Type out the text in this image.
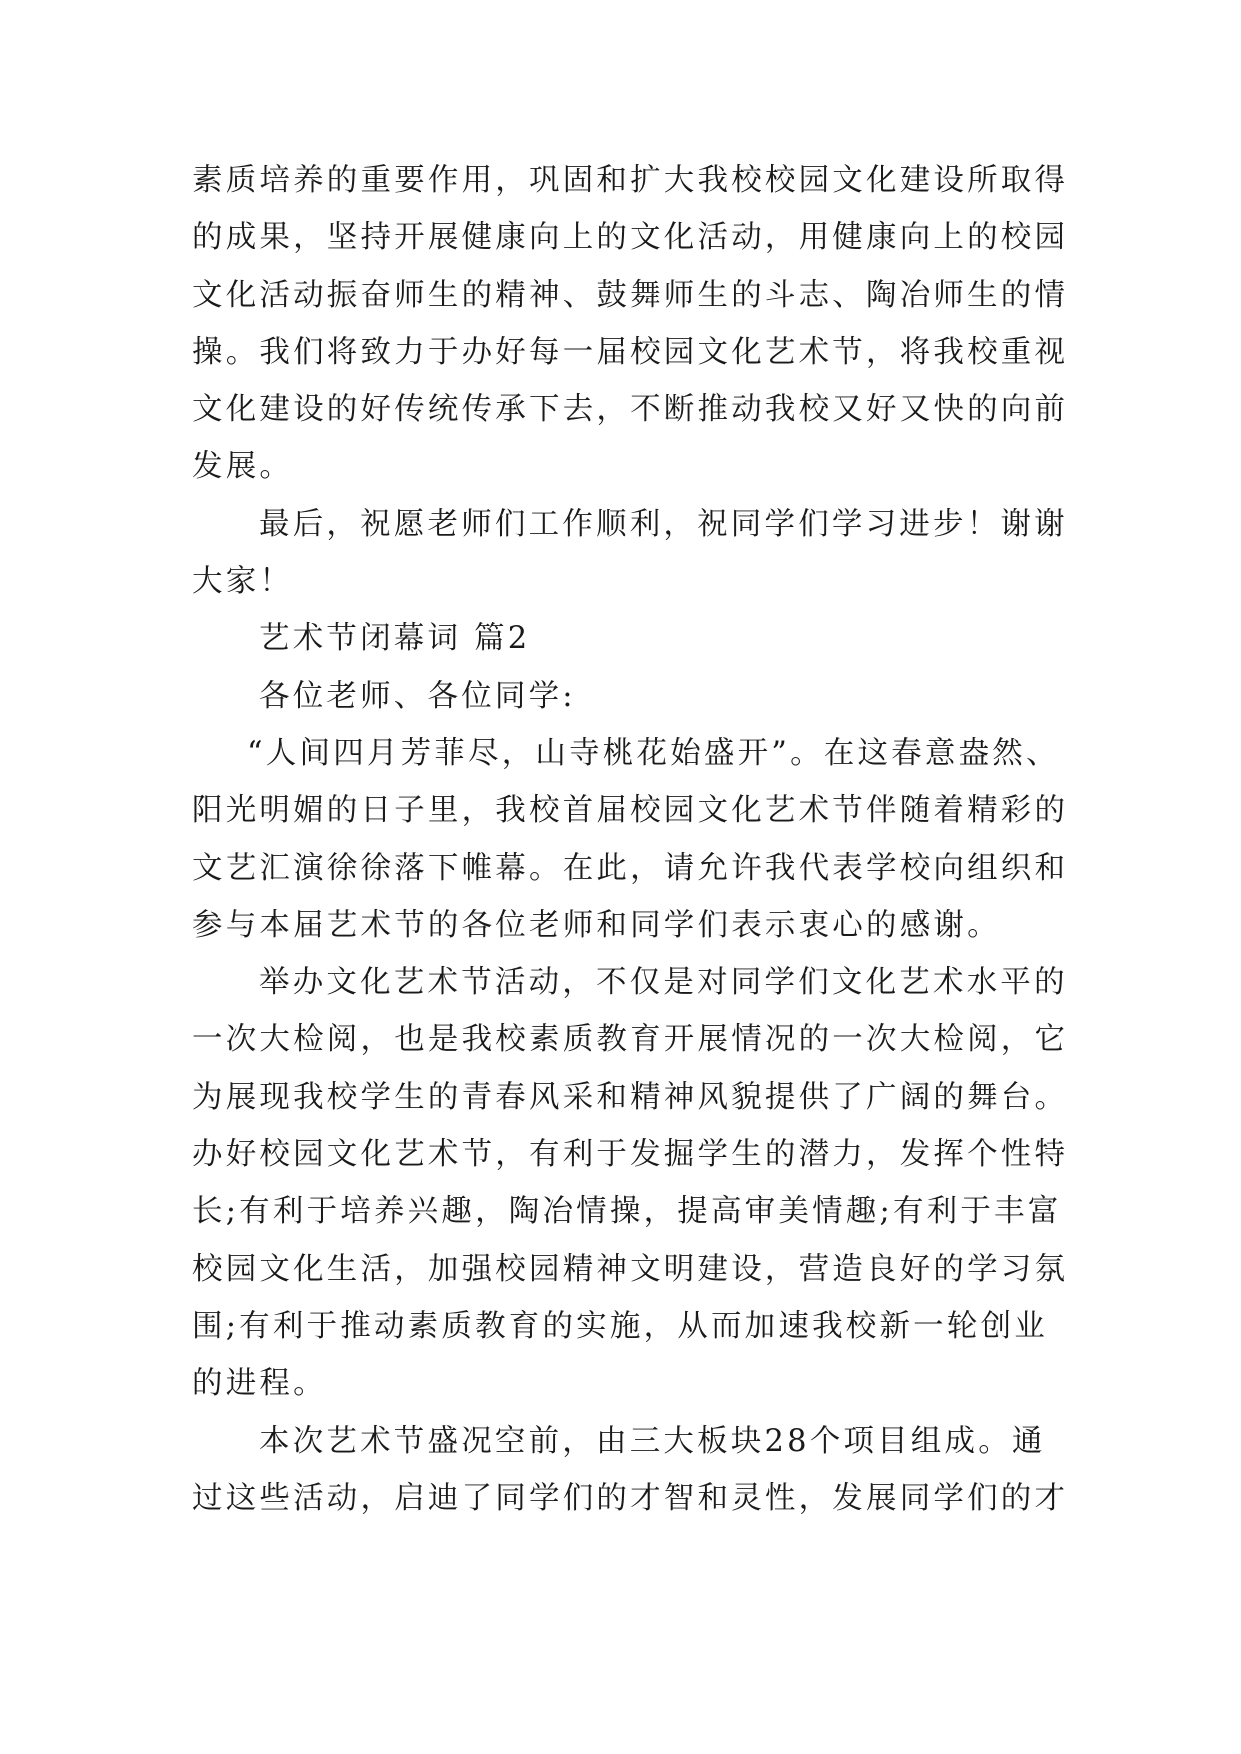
素质培养的重要作用，巩固和扩大我校校园文化建设所取得
的成果，坚持开展健康向上的文化活动，用健康向上的校园
文化活动振奋师生的精神、鼓舞师生的斗志、陶冶师生的情
操。我们将致力于办好每一届校园文化艺术节，将我校重视
文化建设的好传统传承下去，不断推动我校又好又快的向前
发展。
最后，祝愿老师们工作顺利，祝同学们学习进步！谢谢
大家！
艺术节闭幕词 篇2
各位老师、各位同学:
“人间四月芳菲尽，山寺桃花始盛开”。在这春意盎然、
阳光明媚的日子里，我校首届校园文化艺术节伴随着精彩的
文艺汇演徐徐落下帷幕。在此，请允许我代表学校向组织和
参与本届艺术节的各位老师和同学们表示衷心的感谢。
举办文化艺术节活动，不仅是对同学们文化艺术水平的
一次大检阅，也是我校素质教育开展情况的一次大检阅，它
为展现我校学生的青春风采和精神风貌提供了广阔的舞台。
办好校园文化艺术节，有利于发掘学生的潜力，发挥个性特
长;有利于培养兴趣，陶冶情操，提高审美情趣;有利于丰富
校园文化生活，加强校园精神文明建设，营造良好的学习氛
围;有利于推动素质教育的实施，从而加速我校新一轮创业
的进程。
本次艺术节盛况空前，由三大板块28个项目组成。通
过这些活动，启迪了同学们的才智和灵性，发展同学们的才
